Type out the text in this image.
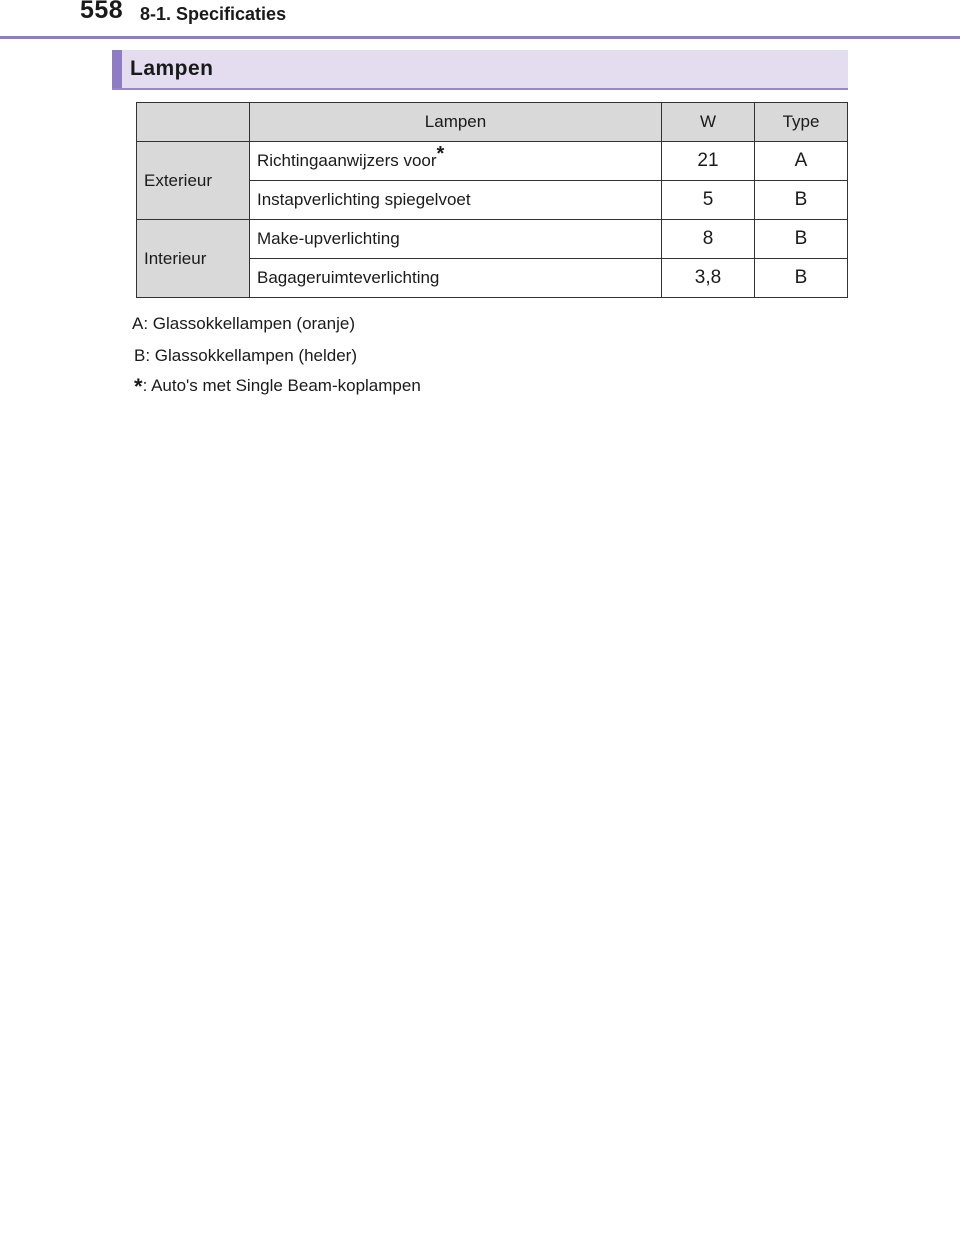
558 8-1. Specificaties
Lampen
	Lampen	W	Type
Exterieur	Richtingaanwijzers voor*	21	A
	Instapverlichting spiegelvoet	5	B
Interieur	Make-upverlichting	8	B
	Bagageruimteverlichting	3,8	B
A: Glassokkellampen (oranje)
B: Glassokkellampen (helder)
*: Auto's met Single Beam-koplampen
